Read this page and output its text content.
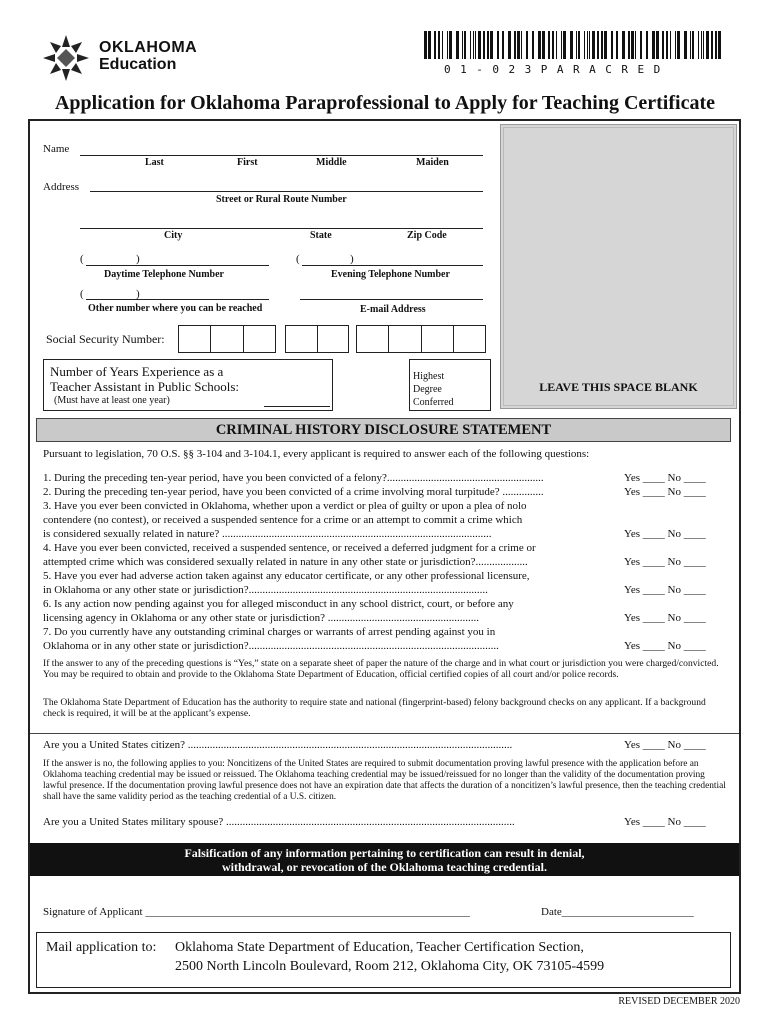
OKLAHOMA
Education	01-023PARACRED
Application for Oklahoma Paraprofessional to Apply for Teaching Certificate
LEAVE THIS SPACE BLANK
Name
Last	First	Middle	Maiden
Address
Street or Rural Route Number
City	State	Zip Code
(	)
Daytime Telephone Number
(	)
Evening Telephone Number
(	)
Other number where you can be reached	E-mail Address
Social Security Number:
Number of Years Experience as a
Teacher Assistant in Public Schools:
(Must have at least one year)
Highest
Degree
Conferred
CRIMINAL HISTORY DISCLOSURE STATEMENT
Pursuant to legislation, 70 O.S. §§ 3-104 and 3-104.1, every applicant is required to answer each of the following questions:
1. During the preceding ten-year period, have you been convicted of a felony?.........................................................	Yes ____ No ____
2. During the preceding ten-year period, have you been convicted of a crime involving moral turpitude? ...............	Yes ____ No ____
3. Have you ever been convicted in Oklahoma, whether upon a verdict or plea of guilty or upon a plea of nolo
contendere (no contest), or received a suspended sentence for a crime or an attempt to commit a crime which
is considered sexually related in nature? ..................................................................................................	Yes ____ No ____
4. Have you ever been convicted, received a suspended sentence, or received a deferred judgment for a crime or
attempted crime which was considered sexually related in nature in any other state or jurisdiction?...................	Yes ____ No ____
5. Have you ever had adverse action taken against any educator certificate, or any other professional licensure,
in Oklahoma or any other state or jurisdiction?.......................................................................................	Yes ____ No ____
6. Is any action now pending against you for alleged misconduct in any school district, court, or before any
licensing agency in Oklahoma or any other state or jurisdiction? .......................................................	Yes ____ No ____
7. Do you currently have any outstanding criminal charges or warrants of arrest pending against you in
Oklahoma or in any other state or jurisdiction?...........................................................................................	Yes ____ No ____
If the answer to any of the preceding questions is “Yes,” state on a separate sheet of paper the nature of the charge and in what court or jurisdiction you were charged/convicted. You may be required to obtain and provide to the Oklahoma State Department of Education, official certified copies of all court and/or police records.
The Oklahoma State Department of Education has the authority to require state and national (fingerprint-based) felony background checks on any applicant. If a background check is required, it will be at the applicant’s expense.
Are you a United States citizen? ......................................................................................................................	Yes ____ No ____
If the answer is no, the following applies to you: Noncitizens of the United States are required to submit documentation proving lawful presence with the application before an Oklahoma teaching credential may be issued or reissued. The Oklahoma teaching credential may be issued/reissued for no longer than the validity of the documentation proving lawful presence. If the documentation proving lawful presence does not have an expiration date that affects the duration of a noncitizen’s lawful presence, then the teaching credential shall have the same validity period as the teaching credential of a U.S. citizen.
Are you a United States military spouse? .........................................................................................................	Yes ____ No ____
Falsification of any information pertaining to certification can result in denial,
withdrawal, or revocation of the Oklahoma teaching credential.
Signature of Applicant ___________________________________________________________	Date________________________
Mail application to: Oklahoma State Department of Education, Teacher Certification Section,
2500 North Lincoln Boulevard, Room 212, Oklahoma City, OK 73105-4599
REVISED DECEMBER 2020
